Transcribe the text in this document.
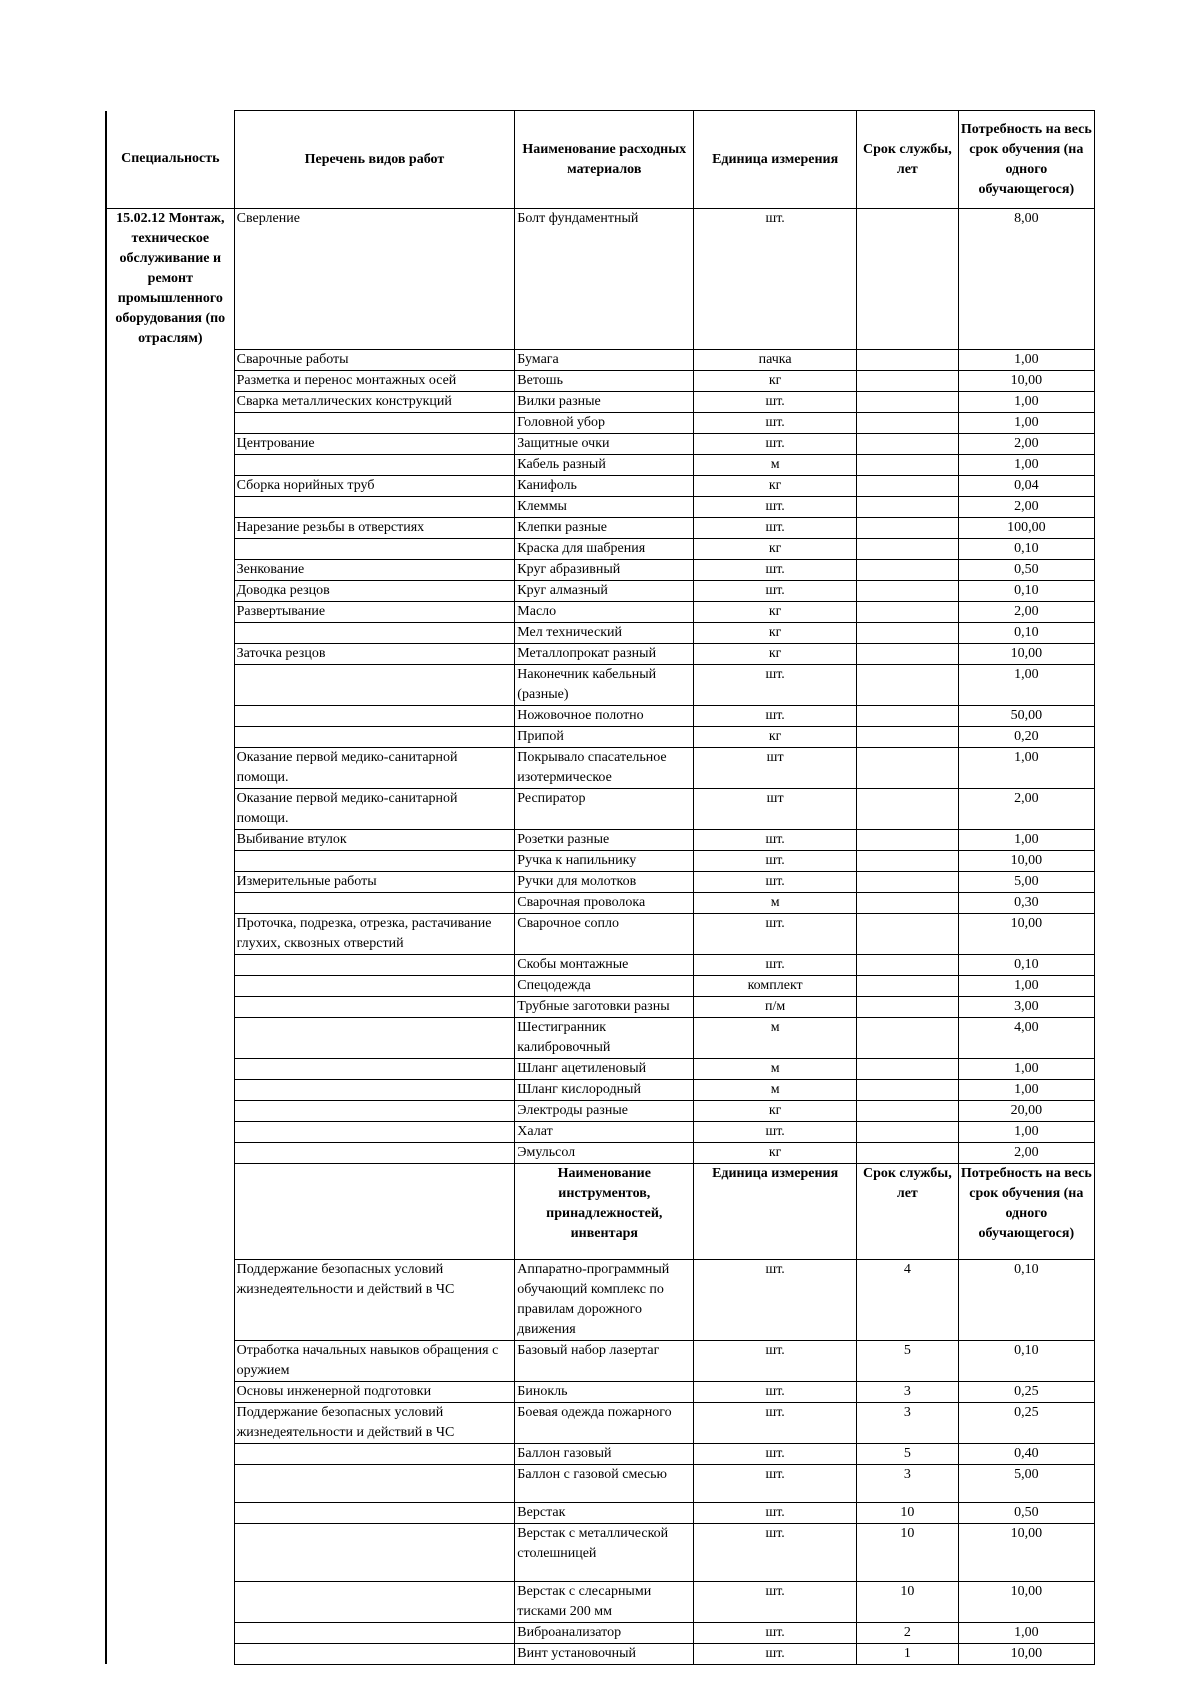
Специальность	Перечень видов работ	Наименование расходных материалов	Единица измерения	Срок службы, лет	Потребность на весь срок обучения (на одного обучающегося)
15.02.12 Монтаж, техническое обслуживание и ремонт промышленного оборудования (по отраслям)	Сверление	Болт фундаментный	шт.		8,00
	Сварочные работы	Бумага	пачка		1,00
	Разметка и перенос монтажных осей	Ветошь	кг		10,00
	Сварка металлических конструкций	Вилки разные	шт.		1,00
		Головной убор	шт.		1,00
	Центрование	Защитные очки	шт.		2,00
		Кабель разный	м		1,00
	Сборка норийных труб	Канифоль	кг		0,04
		Клеммы	шт.		2,00
	Нарезание резьбы в отверстиях	Клепки разные	шт.		100,00
		Краска для шабрения	кг		0,10
	Зенкование	Круг абразивный	шт.		0,50
	Доводка резцов	Круг алмазный	шт.		0,10
	Развертывание	Масло	кг		2,00
		Мел технический	кг		0,10
	Заточка резцов	Металлопрокат разный	кг		10,00
		Наконечник кабельный (разные)	шт.		1,00
		Ножовочное полотно	шт.		50,00
		Припой	кг		0,20
	Оказание первой медико-санитарной помощи.	Покрывало спасательное изотермическое	шт		1,00
	Оказание первой медико-санитарной помощи.	Респиратор	шт		2,00
	Выбивание втулок	Розетки разные	шт.		1,00
		Ручка к напильнику	шт.		10,00
	Измерительные работы	Ручки для молотков	шт.		5,00
		Сварочная проволока	м		0,30
	Проточка, подрезка, отрезка, растачивание глухих, сквозных отверстий	Сварочное сопло	шт.		10,00
		Скобы монтажные	шт.		0,10
		Спецодежда	комплект		1,00
		Трубные заготовки разны	п/м		3,00
		Шестигранник калибровочный	м		4,00
		Шланг ацетиленовый	м		1,00
		Шланг кислородный	м		1,00
		Электроды разные	кг		20,00
		Халат	шт.		1,00
		Эмульсол	кг		2,00
		Наименование инструментов, принадлежностей, инвентаря	Единица измерения	Срок службы, лет	Потребность на весь срок обучения (на одного обучающегося)
	Поддержание безопасных условий жизнедеятельности и действий в ЧС	Аппаратно-программный обучающий комплекс по правилам дорожного движения	шт.	4	0,10
	Отработка начальных навыков обращения с оружием	Базовый набор лазертаг	шт.	5	0,10
	Основы инженерной подготовки	Бинокль	шт.	3	0,25
	Поддержание безопасных условий жизнедеятельности и действий в ЧС	Боевая одежда пожарного	шт.	3	0,25
		Баллон газовый	шт.	5	0,40
		Баллон с газовой смесью	шт.	3	5,00
		Верстак	шт.	10	0,50
		Верстак с металлической столешницей	шт.	10	10,00
		Верстак с слесарными тисками 200 мм	шт.	10	10,00
		Виброанализатор	шт.	2	1,00
		Винт установочный	шт.	1	10,00
